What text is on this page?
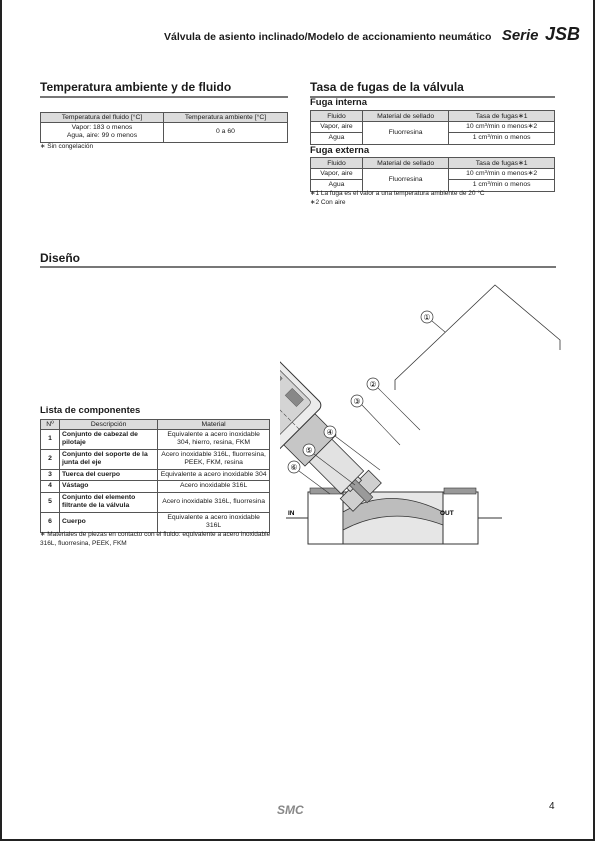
Válvula de asiento inclinado/Modelo de accionamiento neumático Serie JSB
Temperatura ambiente y de fluido
Temperatura del fluido [°C]	Temperatura ambiente [°C]

Vapor: 183 o menos
Agua, aire: 99 o menos	0 a 60
∗ Sin congelación
Tasa de fugas de la válvula
Fuga interna
Fluido	Material de sellado	Tasa de fugas∗1
Vapor, aire	Fluorresina	10 cm³/min o menos∗2
Agua		1 cm³/min o menos
Fuga externa
Fluido	Material de sellado	Tasa de fugas∗1
Vapor, aire	Fluorresina	10 cm³/min o menos∗2
Agua		1 cm³/min o menos
∗1 La fuga es el valor a una temperatura ambiente de 20 °C
∗2 Con aire
Diseño
Lista de componentes
Nº	Descripción	Material
1	Conjunto de cabezal de pilotaje	Equivalente a acero inoxidable 304, hierro, resina, FKM
2	Conjunto del soporte de la junta del eje	Acero inoxidable 316L, fluorresina, PEEK, FKM, resina
3	Tuerca del cuerpo	Equivalente a acero inoxidable 304
4	Vástago	Acero inoxidable 316L
5	Conjunto del elemento filtrante de la válvula	Acero inoxidable 316L, fluorresina
6	Cuerpo	Equivalente a acero inoxidable 316L
∗ Materiales de piezas en contacto con el fluido: equivalente a acero inoxidable 316L, fluorresina, PEEK, FKM
IN	OUT
①
②
③
④
⑤
⑥
SMC	4
